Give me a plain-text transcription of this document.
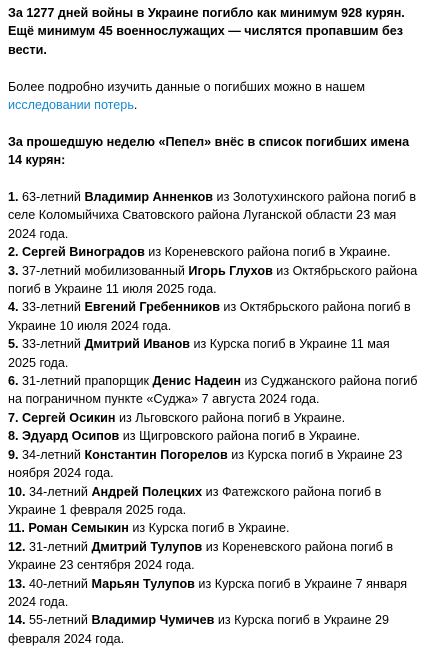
За 1277 дней войны в Украине погибло как минимум 928 курян. Ещё минимум 45 военнослужащих — числятся пропавшим без вести.

Более подробно изучить данные о погибших можно в нашем исследовании потерь.

За прошедшую неделю «Пепел» внёс в список погибших имена 14 курян:

1. 63-летний Владимир Анненков из Золотухинского района погиб в селе Коломыйчиха Сватовского района Луганской области 23 мая 2024 года.

2. Сергей Виноградов из Кореневского района погиб в Украине.

3. 37-летний мобилизованный Игорь Глухов из Октябрьского района погиб в Украине 11 июля 2025 года.

4. 33-летний Евгений Гребенников из Октябрьского района погиб в Украине 10 июля 2024 года.

5. 33-летний Дмитрий Иванов из Курска погиб в Украине 11 мая 2025 года.

6. 31-летний прапорщик Денис Надеин из Суджанского района погиб на пограничном пункте «Суджа» 7 августа 2024 года.

7. Сергей Осикин из Льговского района погиб в Украине.

8. Эдуард Осипов из Щигровского района погиб в Украине.

9. 34-летний Константин Погорелов из Курска погиб в Украине 23 ноября 2024 года.

10. 34-летний Андрей Полецких из Фатежского района погиб в Украине 1 февраля 2025 года.

11. Роман Семыкин из Курска погиб в Украине.

12. 31-летний Дмитрий Тулупов из Кореневского района погиб в Украине 23 сентября 2024 года.

13. 40-летний Марьян Тулупов из Курска погиб в Украине 7 января 2024 года.

14. 55-летний Владимир Чумичев из Курска погиб в Украине 29 февраля 2024 года.
